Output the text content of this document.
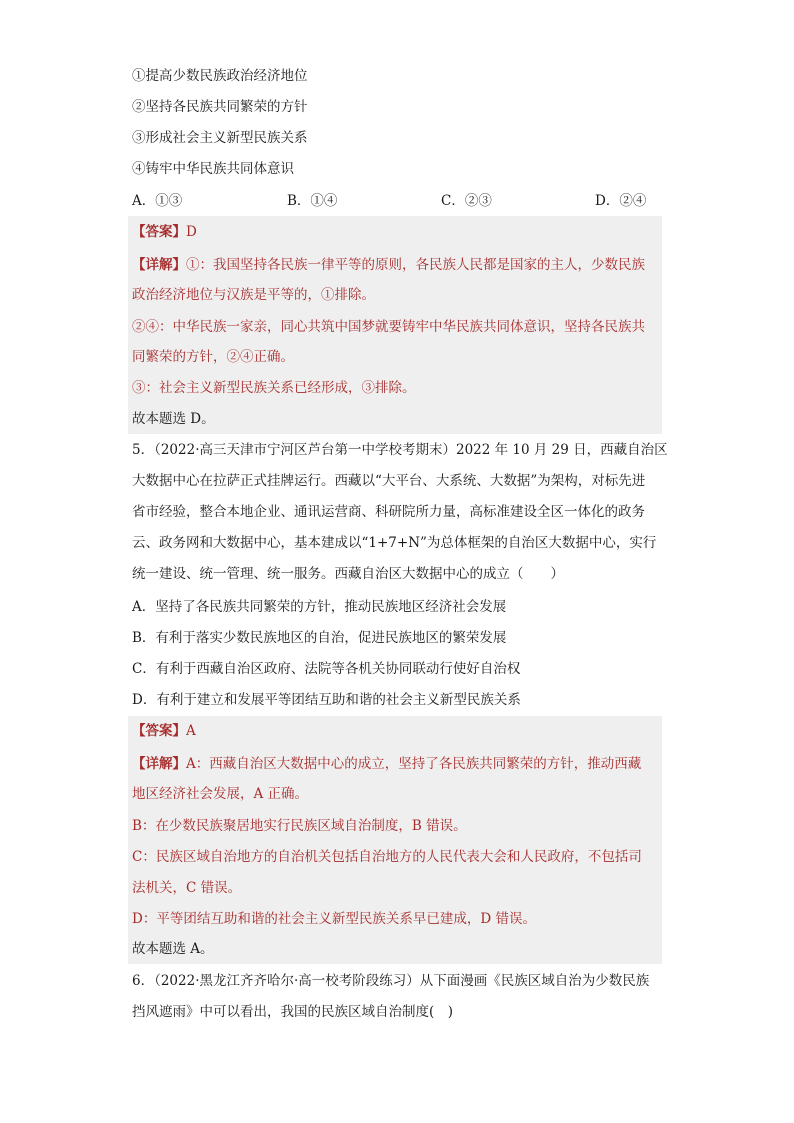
①提高少数民族政治经济地位
②坚持各民族共同繁荣的方针
③形成社会主义新型民族关系
④铸牢中华民族共同体意识
A．①③	B．①④	C．②③	D．②④
【答案】D
【详解】①：我国坚持各民族一律平等的原则，各民族人民都是国家的主人，少数民族
政治经济地位与汉族是平等的，①排除。
②④：中华民族一家亲，同心共筑中国梦就要铸牢中华民族共同体意识，坚持各民族共
同繁荣的方针，②④正确。
③：社会主义新型民族关系已经形成，③排除。
故本题选 D。
5．（2022·高三天津市宁河区芦台第一中学校考期末）2022 年 10 月 29 日，西藏自治区
大数据中心在拉萨正式挂牌运行。西藏以“大平台、大系统、大数据”为架构，对标先进
省市经验，整合本地企业、通讯运营商、科研院所力量，高标准建设全区一体化的政务
云、政务网和大数据中心，基本建成以“1+7+N”为总体框架的自治区大数据中心，实行
统一建设、统一管理、统一服务。西藏自治区大数据中心的成立（　　）
A．坚持了各民族共同繁荣的方针，推动民族地区经济社会发展
B．有利于落实少数民族地区的自治，促进民族地区的繁荣发展
C．有利于西藏自治区政府、法院等各机关协同联动行使好自治权
D．有利于建立和发展平等团结互助和谐的社会主义新型民族关系
【答案】A
【详解】A：西藏自治区大数据中心的成立，坚持了各民族共同繁荣的方针，推动西藏
地区经济社会发展，A 正确。
B：在少数民族聚居地实行民族区域自治制度，B 错误。
C：民族区域自治地方的自治机关包括自治地方的人民代表大会和人民政府，不包括司
法机关，C 错误。
D：平等团结互助和谐的社会主义新型民族关系早已建成，D 错误。
故本题选 A。
6．（2022·黑龙江齐齐哈尔·高一校考阶段练习）从下面漫画《民族区域自治为少数民族
挡风遮雨》中可以看出，我国的民族区域自治制度(　)
